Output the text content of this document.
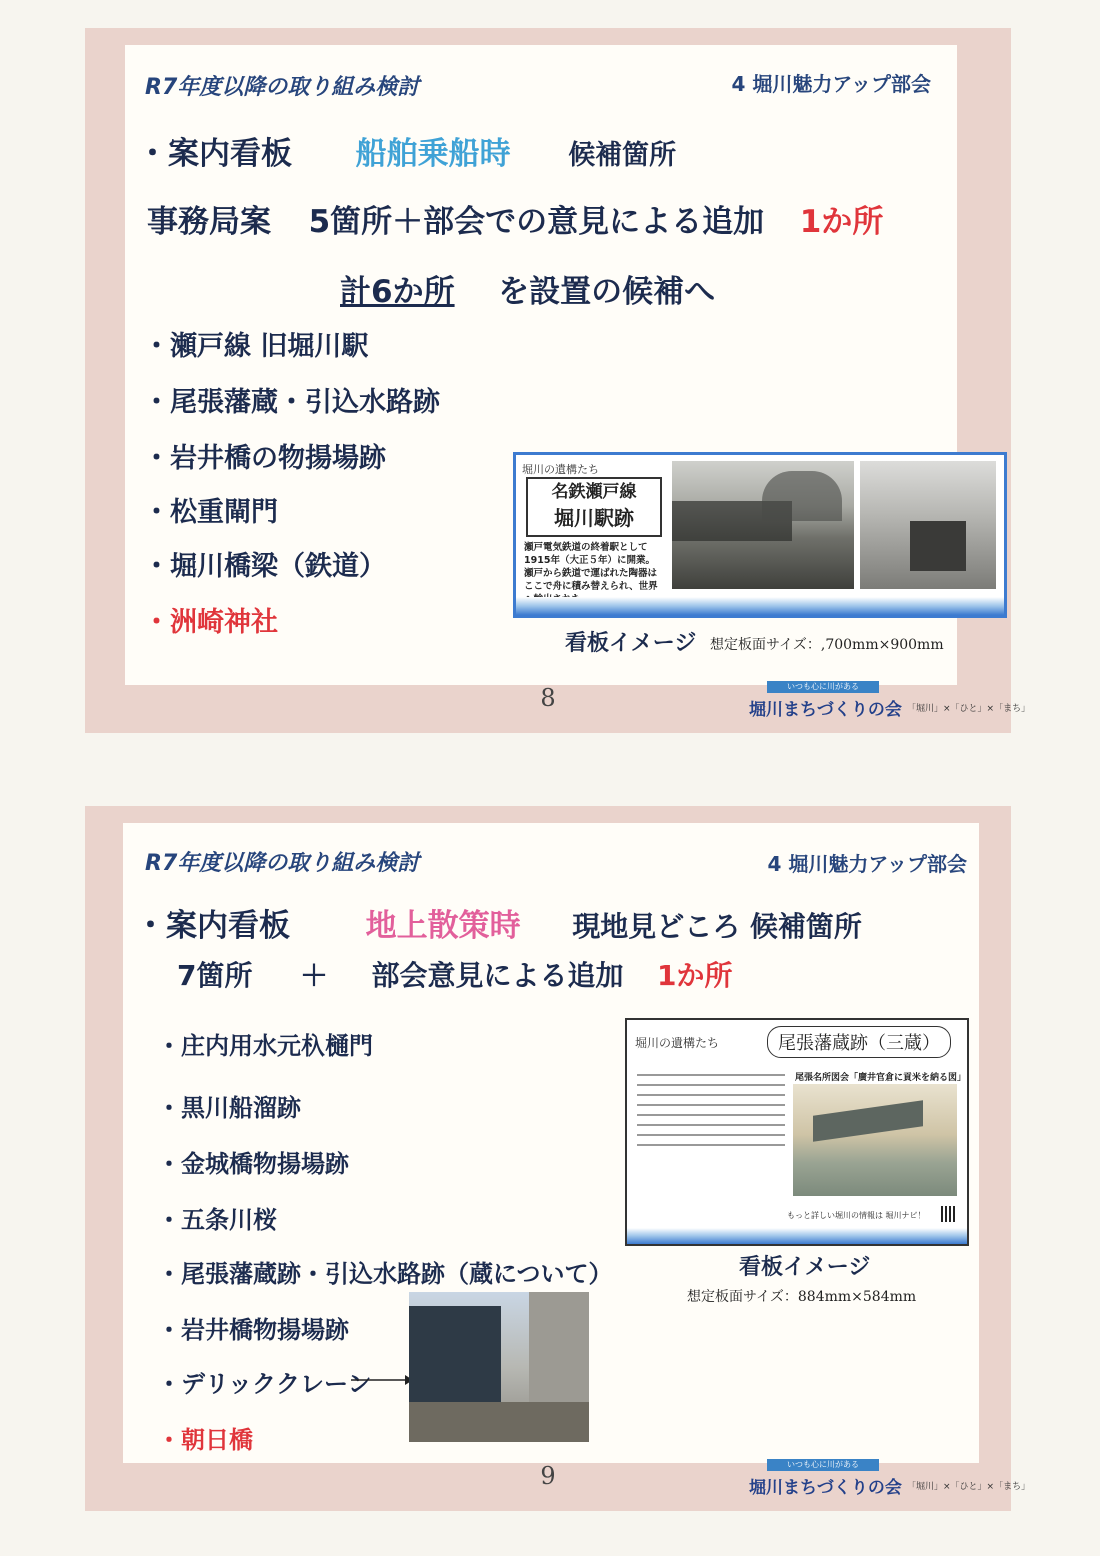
R7年度以降の取り組み検討	4 堀川魅力アップ部会
・案内看板 船舶乗船時 候補箇所
事務局案 5箇所＋部会での意見による追加 1か所
計6か所 を設置の候補へ
・瀬戸線 旧堀川駅
・尾張藩蔵・引込水路跡
・岩井橋の物揚場跡
・松重閘門
・堀川橋梁（鉄道）
・洲崎神社
堀川の遺構たち
名鉄瀬戸線
堀川駅跡
瀬戸電気鉄道の終着駅として1915年（大正５年）に開業。瀬戸から鉄道で運ばれた陶器はここで舟に積み替えられ、世界
看板イメージ 想定板面サイズ：,700mm×900mm
8	いつも心に川がある
堀川まちづくりの会 「堀川」×「ひと」×「まち」
R7年度以降の取り組み検討	4 堀川魅力アップ部会
・案内看板 地上散策時 現地見どころ 候補箇所
7箇所 ＋ 部会意見による追加 1か所
・庄内用水元杁樋門
・黒川船溜跡
・金城橋物揚場跡
・五条川桜
・尾張藩蔵跡・引込水路跡（蔵について）
・岩井橋物揚場跡
・デリッククレーン
・朝日橋
堀川の遺構たち	尾張藩蔵跡（三蔵）
尾張名所図会「廣井官倉に貢米を納る図」
もっと詳しい堀川の情報は 堀川ナビ！
看板イメージ
想定板面サイズ：884mm×584mm
9	いつも心に川がある
堀川まちづくりの会 「堀川」×「ひと」×「まち」
